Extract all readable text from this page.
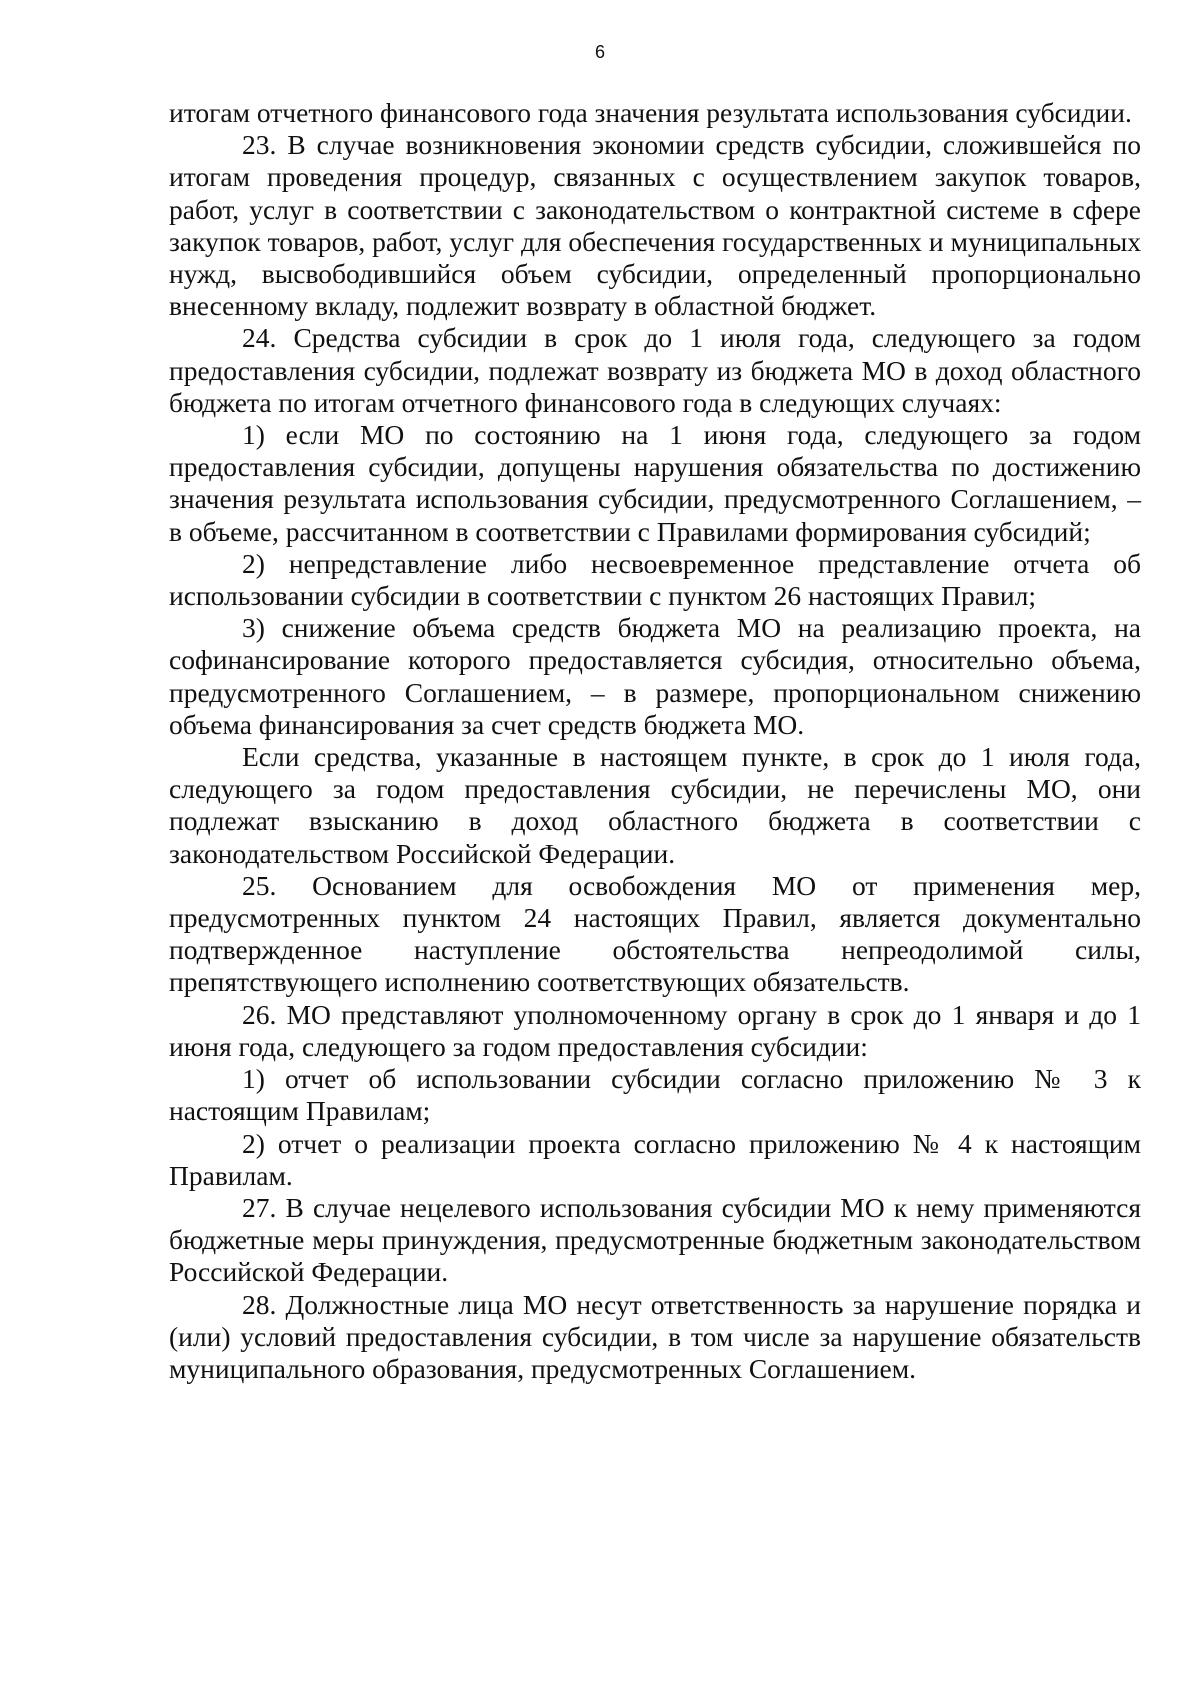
6

итогам отчетного финансового года значения результата использования субсидии.

23. В случае возникновения экономии средств субсидии, сложившейся по итогам проведения процедур, связанных с осуществлением закупок товаров, работ, услуг в соответствии с законодательством о контрактной системе в сфере закупок товаров, работ, услуг для обеспечения государственных и муниципальных нужд, высвободившийся объем субсидии, определенный пропорционально внесенному вкладу, подлежит возврату в областной бюджет.

24. Средства субсидии в срок до 1 июля года, следующего за годом предоставления субсидии, подлежат возврату из бюджета МО в доход областного бюджета по итогам отчетного финансового года в следующих случаях:

1) если МО по состоянию на 1 июня года, следующего за годом предоставления субсидии, допущены нарушения обязательства по достижению значения результата использования субсидии, предусмотренного Соглашением, – в объеме, рассчитанном в соответствии с Правилами формирования субсидий;

2) непредставление либо несвоевременное представление отчета об использовании субсидии в соответствии с пунктом 26 настоящих Правил;

3) снижение объема средств бюджета МО на реализацию проекта, на софинансирование которого предоставляется субсидия, относительно объема, предусмотренного Соглашением, – в размере, пропорциональном снижению объема финансирования за счет средств бюджета МО.

Если средства, указанные в настоящем пункте, в срок до 1 июля года, следующего за годом предоставления субсидии, не перечислены МО, они подлежат взысканию в доход областного бюджета в соответствии с законодательством Российской Федерации.

25. Основанием для освобождения МО от применения мер, предусмотренных пунктом 24 настоящих Правил, является документально подтвержденное наступление обстоятельства непреодолимой силы, препятствующего исполнению соответствующих обязательств.

26. МО представляют уполномоченному органу в срок до 1 января и до 1 июня года, следующего за годом предоставления субсидии:

1) отчет об использовании субсидии согласно приложению № 3 к настоящим Правилам;

2) отчет о реализации проекта согласно приложению № 4 к настоящим Правилам.

27. В случае нецелевого использования субсидии МО к нему применяются бюджетные меры принуждения, предусмотренные бюджетным законодательством Российской Федерации.

28. Должностные лица МО несут ответственность за нарушение порядка и (или) условий предоставления субсидии, в том числе за нарушение обязательств муниципального образования, предусмотренных Соглашением.
